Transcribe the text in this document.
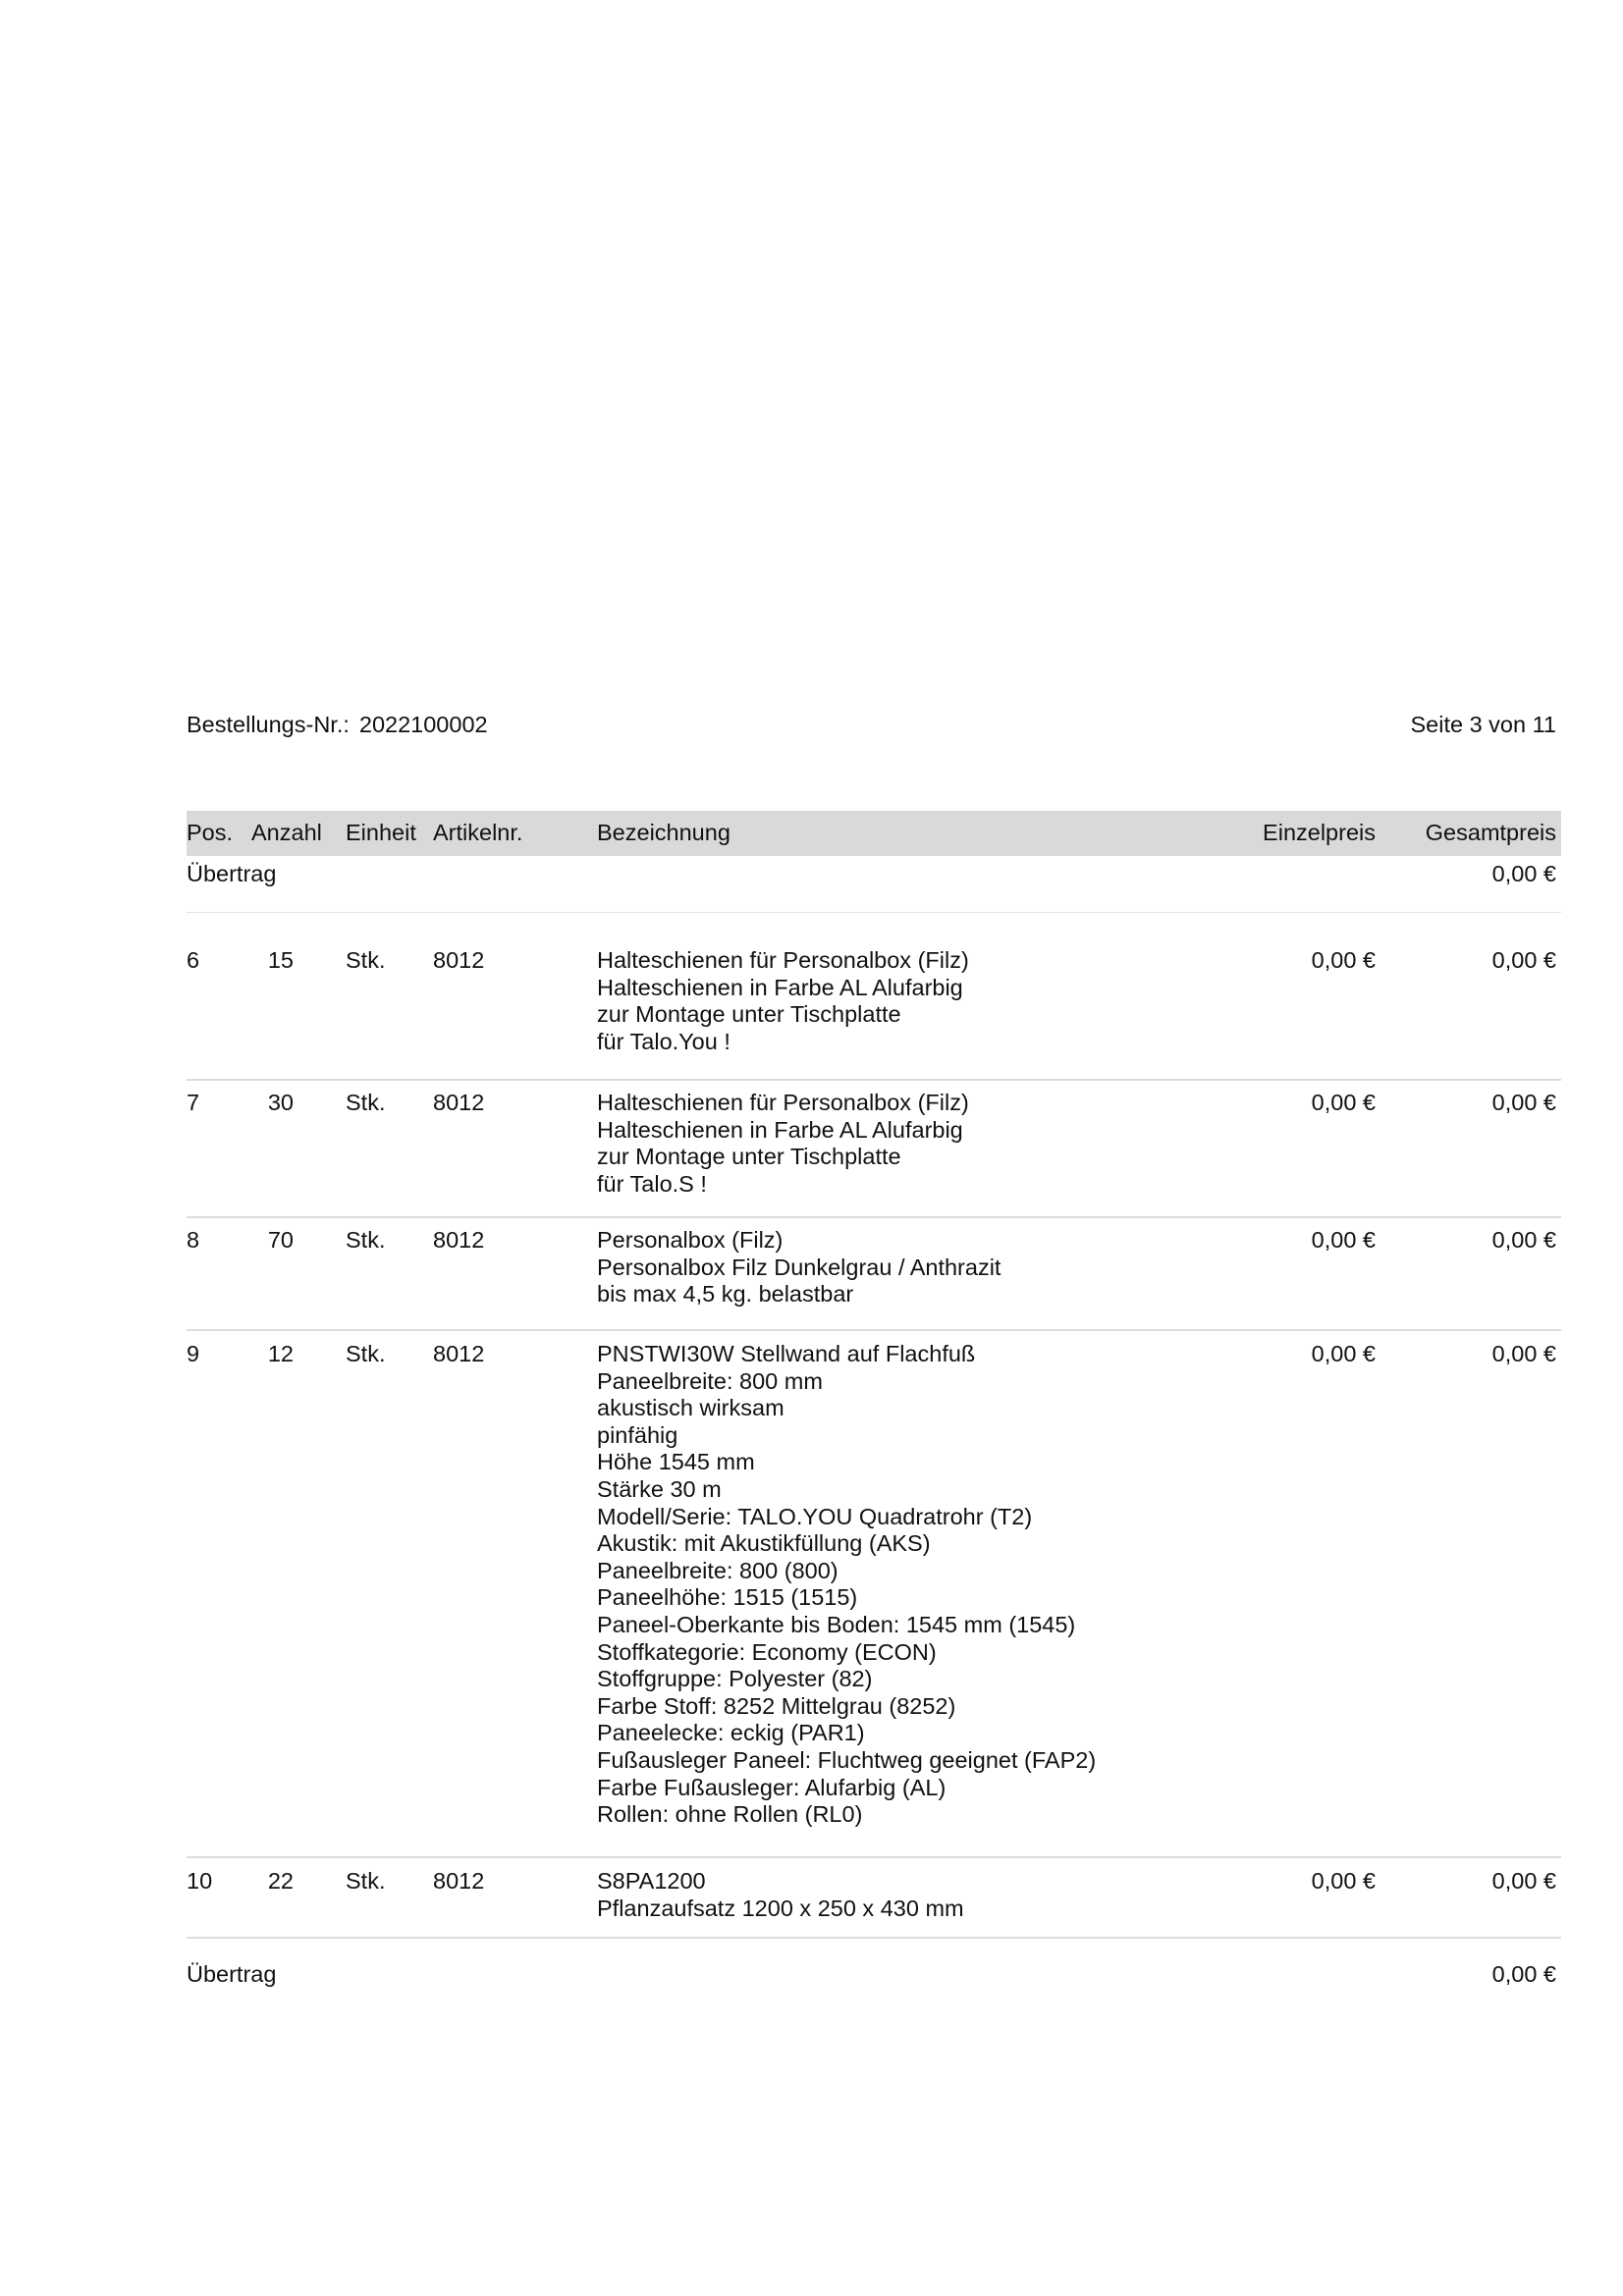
Bestellungs-Nr.: 2022100002	Seite 3 von 11
Pos. Anzahl Einheit Artikelnr.	Bezeichnung	Einzelpreis Gesamtpreis
Übertrag	0,00 €
6	15 Stk. 8012	Halteschienen für Personalbox (Filz)
Halteschienen in Farbe AL Alufarbig
zur Montage unter Tischplatte
für Talo.You !
0,00 €	0,00 €
7	30 Stk. 8012	Halteschienen für Personalbox (Filz)
Halteschienen in Farbe AL Alufarbig
zur Montage unter Tischplatte
für Talo.S !
0,00 €	0,00 €
8	70 Stk. 8012	Personalbox (Filz)
Personalbox Filz Dunkelgrau / Anthrazit
bis max 4,5 kg. belastbar
0,00 €	0,00 €
9	12 Stk. 8012	PNSTWI30W Stellwand auf Flachfuß
Paneelbreite: 800 mm
akustisch wirksam
pinfähig
Höhe 1545 mm
Stärke 30 m
Modell/Serie: TALO.YOU Quadratrohr (T2)
Akustik: mit Akustikfüllung (AKS)
Paneelbreite: 800 (800)
Paneelhöhe: 1515 (1515)
Paneel-Oberkante bis Boden: 1545 mm (1545)
Stoffkategorie: Economy (ECON)
Stoffgruppe: Polyester (82)
Farbe Stoff: 8252 Mittelgrau (8252)
Paneelecke: eckig (PAR1)
Fußausleger Paneel: Fluchtweg geeignet (FAP2)
Farbe Fußausleger: Alufarbig (AL)
Rollen: ohne Rollen (RL0)
0,00 €	0,00 €
10	22 Stk. 8012	S8PA1200
Pflanzaufsatz 1200 x 250 x 430 mm
0,00 €	0,00 €
Übertrag	0,00 €
